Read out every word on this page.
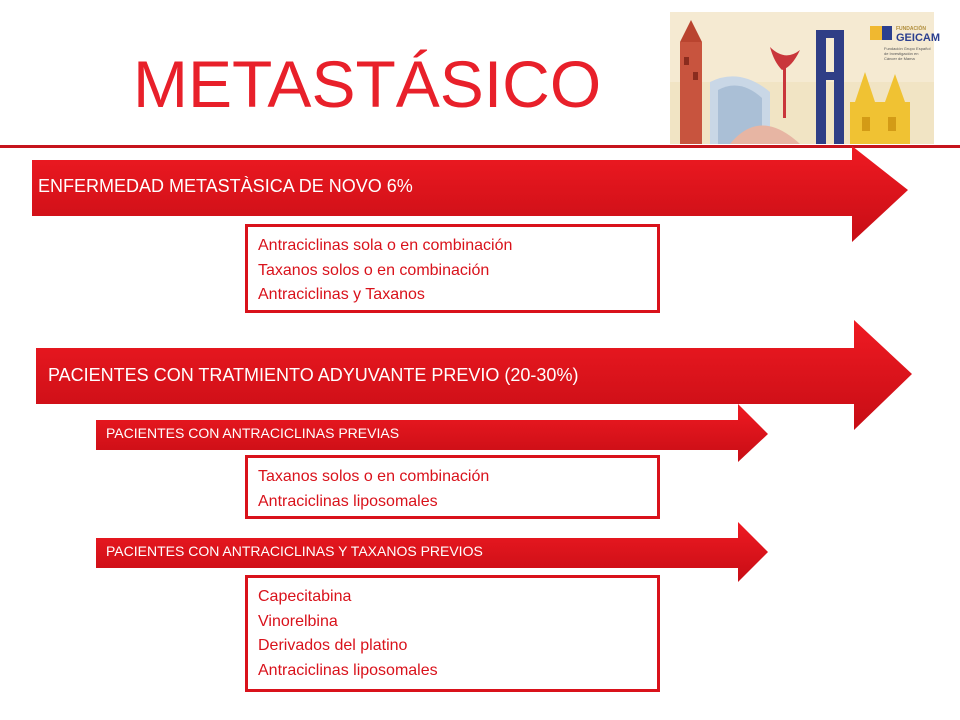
METASTÁSICO
FUNDACIÓN
GEICAM
Fundación Grupo Español de Investigación en Cáncer de Mama
ENFERMEDAD METASTÀSICA DE NOVO 6%
Antraciclinas sola o en combinación
Taxanos solos o en combinación
Antraciclinas y Taxanos
PACIENTES CON TRATMIENTO ADYUVANTE PREVIO (20-30%)
PACIENTES CON ANTRACICLINAS PREVIAS
Taxanos solos o en combinación
Antraciclinas liposomales
PACIENTES CON ANTRACICLINAS Y TAXANOS PREVIOS
Capecitabina
Vinorelbina
Derivados del platino
Antraciclinas liposomales
